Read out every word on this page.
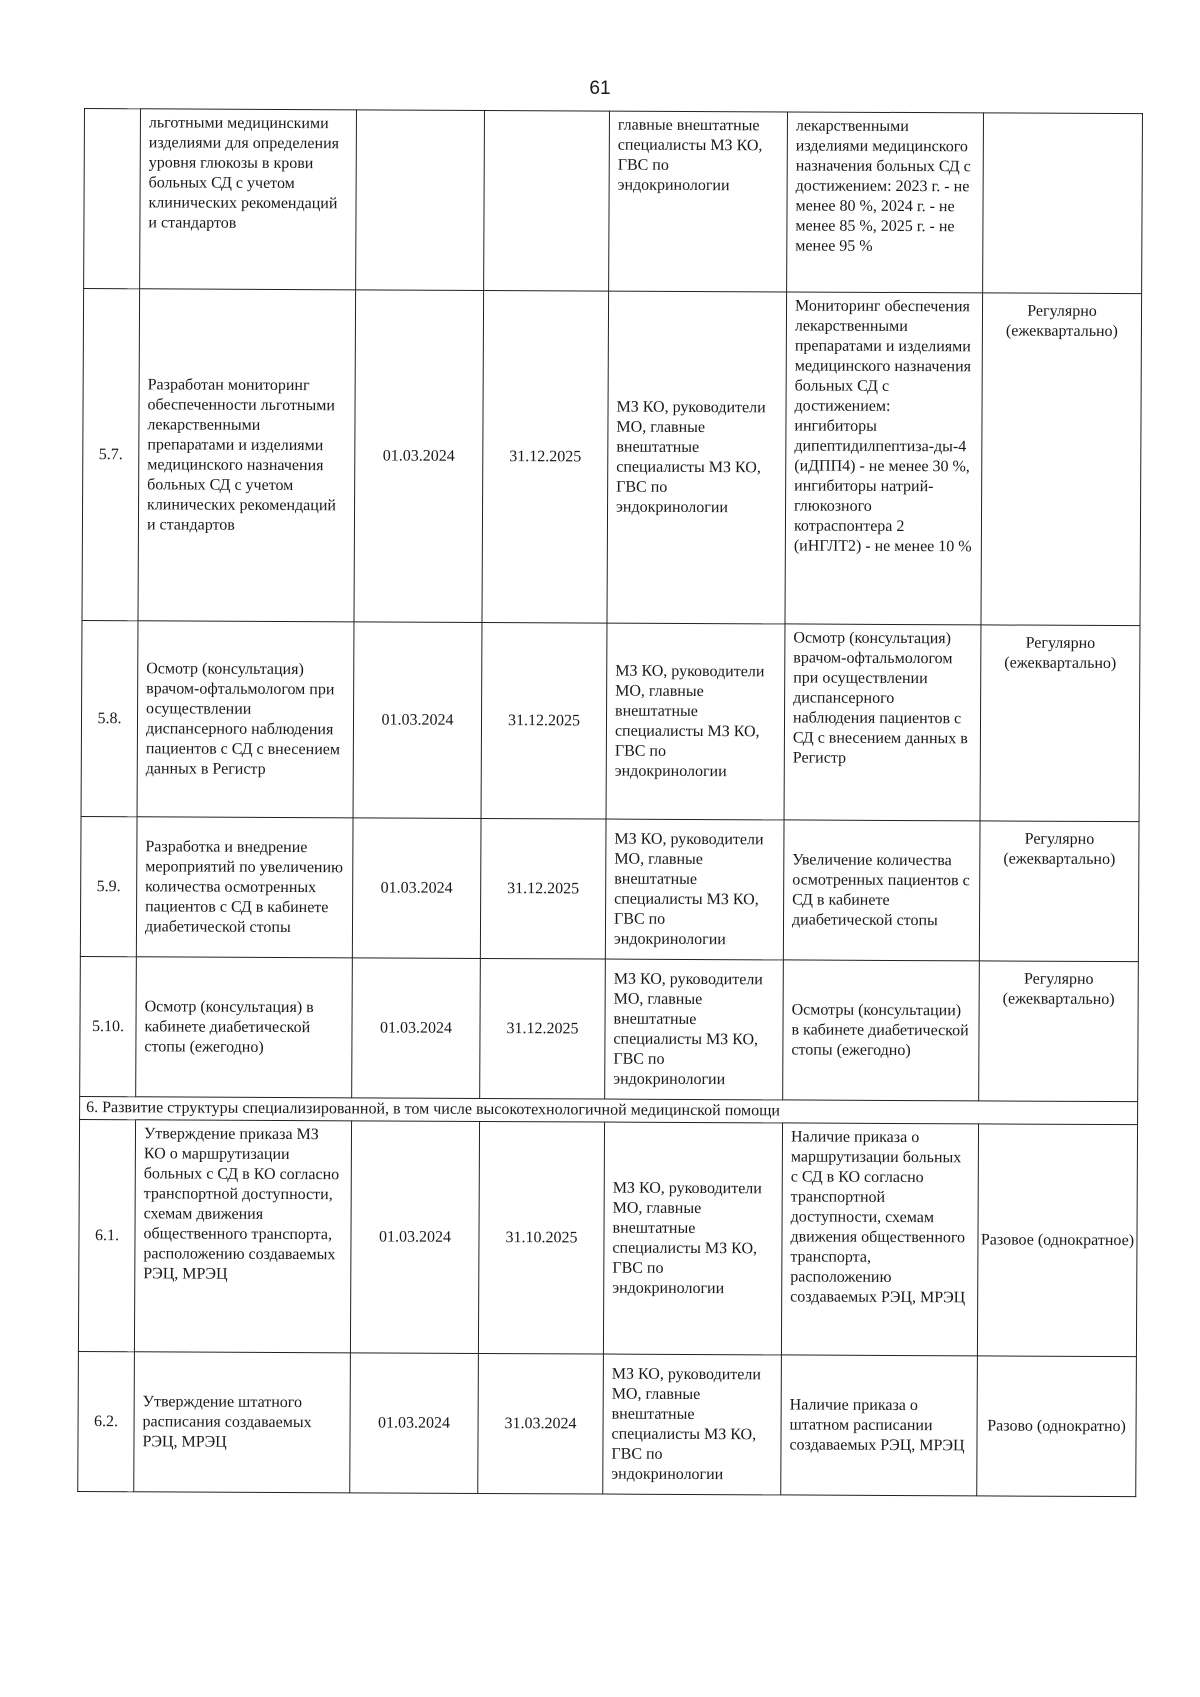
61
	льготными медицинскими изделиями для определения уровня глюкозы в крови больных СД с учетом клинических рекомендаций и стандартов			главные внештатные специалисты МЗ КО, ГВС по эндокринологии	лекарственными изделиями медицинского назначения больных СД с достижением: 2023 г. - не менее 80 %, 2024 г. - не менее 85 %, 2025 г. - не менее 95 %	
5.7.	Разработан мониторинг обеспеченности льготными лекарственными препаратами и изделиями медицинского назначения больных СД с учетом клинических рекомендаций и стандартов	01.03.2024	31.12.2025	МЗ КО, руководители МО, главные внештатные специалисты МЗ КО, ГВС по эндокринологии	Мониторинг обеспечения лекарственными препаратами и изделиями медицинского назначения больных СД с достижением: ингибиторы дипептидилпептиза-ды-4 (иДПП4) - не менее 30 %, ингибиторы натрий-глюкозного котраспонтера 2 (иНГЛТ2) - не менее 10 %	Регулярно (ежеквартально)
5.8.	Осмотр (консультация) врачом-офтальмологом при осуществлении диспансерного наблюдения пациентов с СД с внесением данных в Регистр	01.03.2024	31.12.2025	МЗ КО, руководители МО, главные внештатные специалисты МЗ КО, ГВС по эндокринологии	Осмотр (консультация) врачом-офтальмологом при осуществлении диспансерного наблюдения пациентов с СД с внесением данных в Регистр	Регулярно (ежеквартально)
5.9.	Разработка и внедрение мероприятий по увеличению количества осмотренных пациентов с СД в кабинете диабетической стопы	01.03.2024	31.12.2025	МЗ КО, руководители МО, главные внештатные специалисты МЗ КО, ГВС по эндокринологии	Увеличение количества осмотренных пациентов с СД в кабинете диабетической стопы	Регулярно (ежеквартально)
5.10.	Осмотр (консультация) в кабинете диабетической стопы (ежегодно)	01.03.2024	31.12.2025	МЗ КО, руководители МО, главные внештатные специалисты МЗ КО, ГВС по эндокринологии	Осмотры (консультации) в кабинете диабетической стопы (ежегодно)	Регулярно (ежеквартально)
6. Развитие структуры специализированной, в том числе высокотехнологичной медицинской помощи						
6.1.	Утверждение приказа МЗ КО о маршрутизации больных с СД в КО согласно транспортной доступности, схемам движения общественного транспорта, расположению создаваемых РЭЦ, МРЭЦ	01.03.2024	31.10.2025	МЗ КО, руководители МО, главные внештатные специалисты МЗ КО, ГВС по эндокринологии	Наличие приказа о маршрутизации больных с СД в КО согласно транспортной доступности, схемам движения общественного транспорта, расположению создаваемых РЭЦ, МРЭЦ	Разовое (однократное)
6.2.	Утверждение штатного расписания создаваемых РЭЦ, МРЭЦ	01.03.2024	31.03.2024	МЗ КО, руководители МО, главные внештатные специалисты МЗ КО, ГВС по эндокринологии	Наличие приказа о штатном расписании создаваемых РЭЦ, МРЭЦ	Разово (однократно)
